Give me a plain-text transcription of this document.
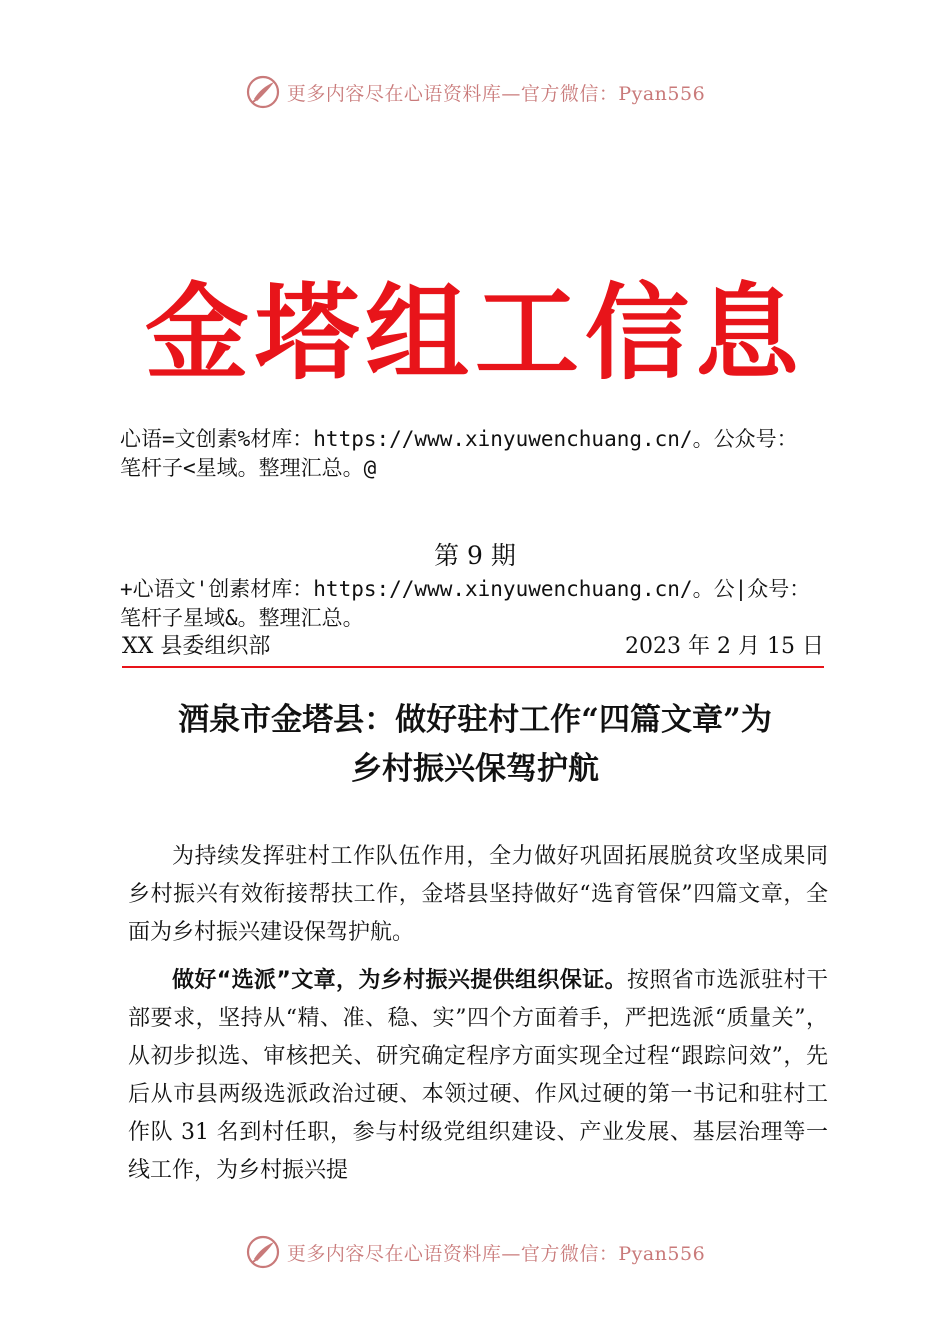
更多内容尽在心语资料库—官方微信：Pyan556
金塔组工信息
心语=文创素%材库：https://www.xinyuwenchuang.cn/。公众号：
笔杆子<星域。整理汇总。@
第 9 期
+心语文'创素材库：https://www.xinyuwenchuang.cn/。公|众号：
笔杆子星域&。整理汇总。
XX 县委组织部	2023 年 2 月 15 日
酒泉市金塔县：做好驻村工作“四篇文章”为
乡村振兴保驾护航

为持续发挥驻村工作队伍作用，全力做好巩固拓展脱贫攻坚成果同乡村振兴有效衔接帮扶工作，金塔县坚持做好“选育管保”四篇文章，全面为乡村振兴建设保驾护航。

做好“选派”文章，为乡村振兴提供组织保证。按照省市选派驻村干部要求，坚持从“精、准、稳、实”四个方面着手，严把选派“质量关”，从初步拟选、审核把关、研究确定程序方面实现全过程“跟踪问效”，先后从市县两级选派政治过硬、本领过硬、作风过硬的第一书记和驻村工作队 31 名到村任职，参与村级党组织建设、产业发展、基层治理等一线工作，为乡村振兴提

更多内容尽在心语资料库—官方微信：Pyan556
